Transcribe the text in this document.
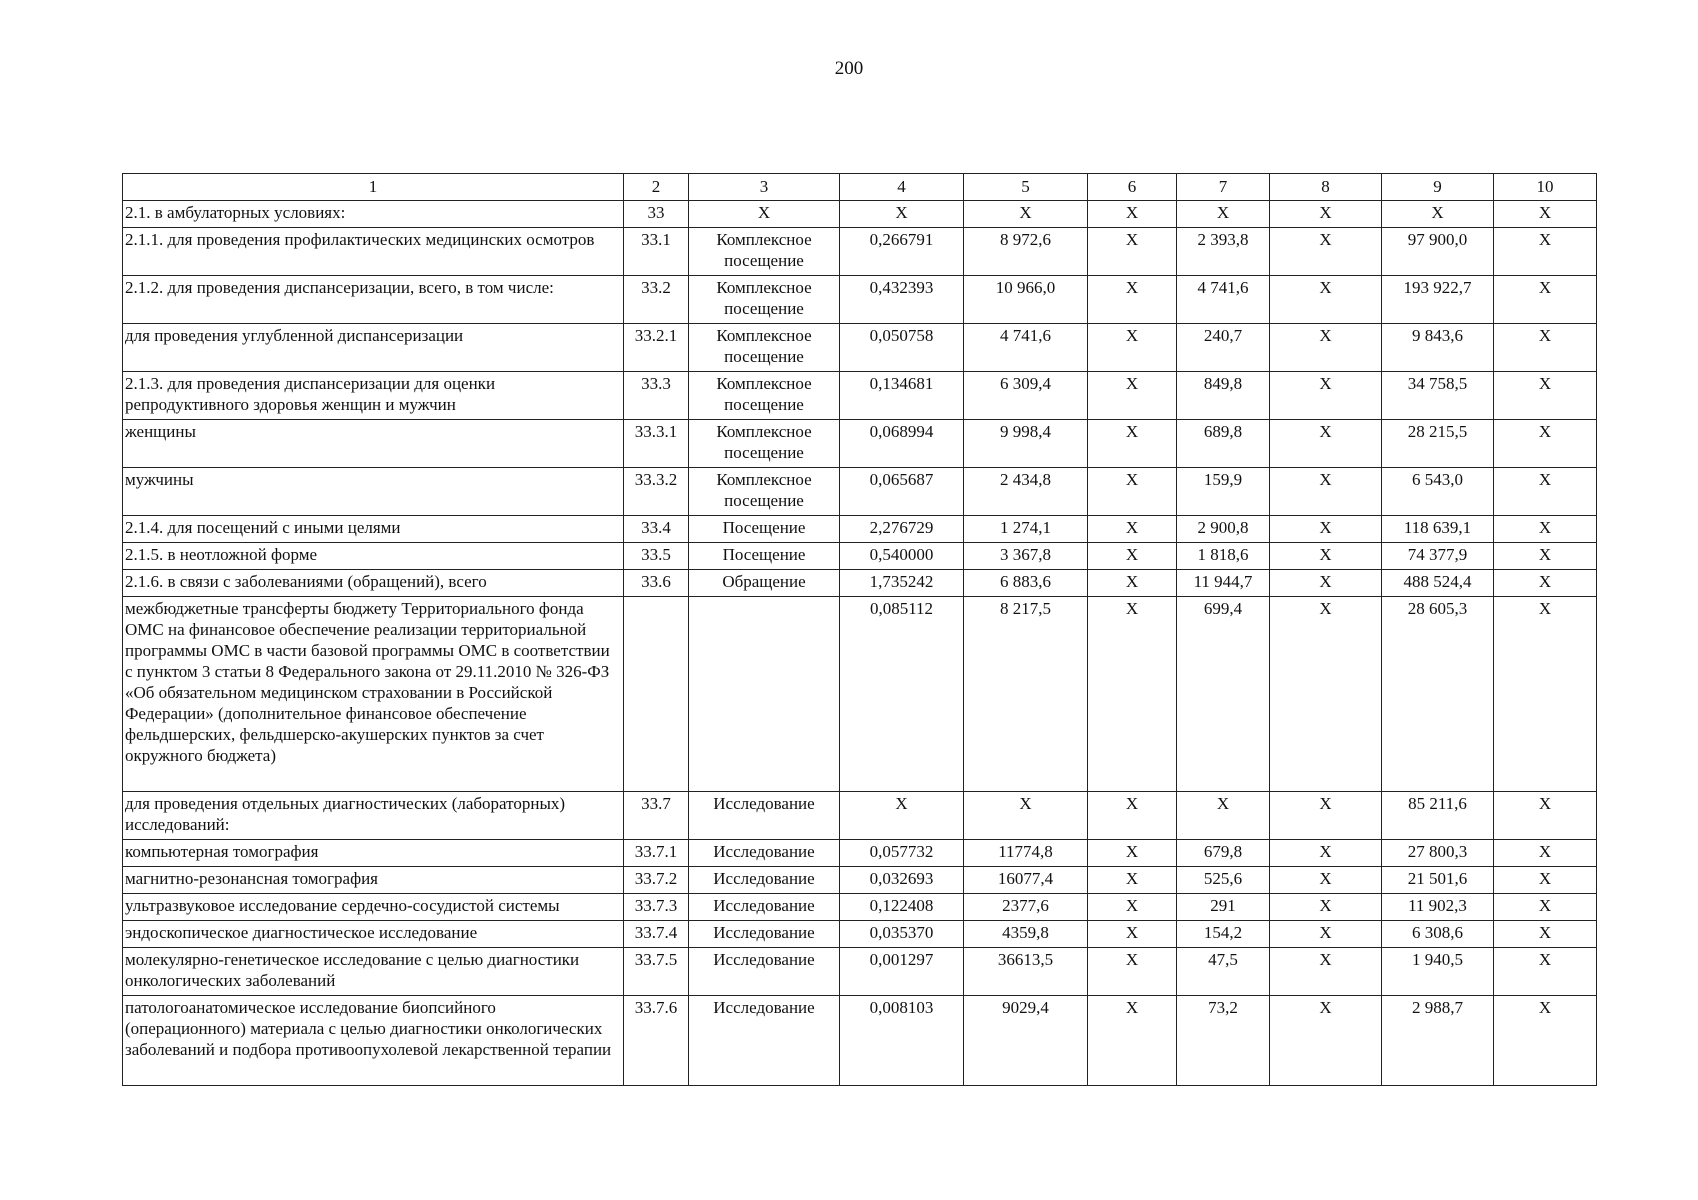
200
1	2	3	4	5	6	7	8	9	10
2.1. в амбулаторных условиях:	33	X	X	X	X	X	X	X	X
2.1.1. для проведения профилактических медицинских осмотров	33.1	Комплексное посещение	0,266791	8 972,6	X	2 393,8	X	97 900,0	X
2.1.2. для проведения диспансеризации, всего, в том числе:	33.2	Комплексное посещение	0,432393	10 966,0	X	4 741,6	X	193 922,7	X
для проведения углубленной диспансеризации	33.2.1	Комплексное посещение	0,050758	4 741,6	X	240,7	X	9 843,6	X
2.1.3. для проведения диспансеризации для оценки репродуктивного здоровья женщин и мужчин	33.3	Комплексное посещение	0,134681	6 309,4	X	849,8	X	34 758,5	X
женщины	33.3.1	Комплексное посещение	0,068994	9 998,4	X	689,8	X	28 215,5	X
мужчины	33.3.2	Комплексное посещение	0,065687	2 434,8	X	159,9	X	6 543,0	X
2.1.4. для посещений с иными целями	33.4	Посещение	2,276729	1 274,1	X	2 900,8	X	118 639,1	X
2.1.5. в неотложной форме	33.5	Посещение	0,540000	3 367,8	X	1 818,6	X	74 377,9	X
2.1.6. в связи с заболеваниями (обращений), всего	33.6	Обращение	1,735242	6 883,6	X	11 944,7	X	488 524,4	X
межбюджетные трансферты бюджету Территориального фонда ОМС на финансовое обеспечение реализации территориальной программы ОМС в части базовой программы ОМС в соответствии с пунктом 3 статьи 8 Федерального закона от 29.11.2010 № 326-ФЗ «Об обязательном медицинском страховании в Российской Федерации» (дополнительное финансовое обеспечение фельдшерских, фельдшерско-акушерских пунктов за счет окружного бюджета)			0,085112	8 217,5	X	699,4	X	28 605,3	X
для проведения отдельных диагностических (лабораторных) исследований:	33.7	Исследование	X	X	X	X	X	85 211,6	X
компьютерная томография	33.7.1	Исследование	0,057732	11774,8	X	679,8	X	27 800,3	X
магнитно-резонансная томография	33.7.2	Исследование	0,032693	16077,4	X	525,6	X	21 501,6	X
ультразвуковое исследование сердечно-сосудистой системы	33.7.3	Исследование	0,122408	2377,6	X	291	X	11 902,3	X
эндоскопическое диагностическое исследование	33.7.4	Исследование	0,035370	4359,8	X	154,2	X	6 308,6	X
молекулярно-генетическое исследование с целью диагностики онкологических заболеваний	33.7.5	Исследование	0,001297	36613,5	X	47,5	X	1 940,5	X
патологоанатомическое исследование биопсийного (операционного) материала с целью диагностики онкологических заболеваний и подбора противоопухолевой лекарственной терапии	33.7.6	Исследование	0,008103	9029,4	X	73,2	X	2 988,7	X
